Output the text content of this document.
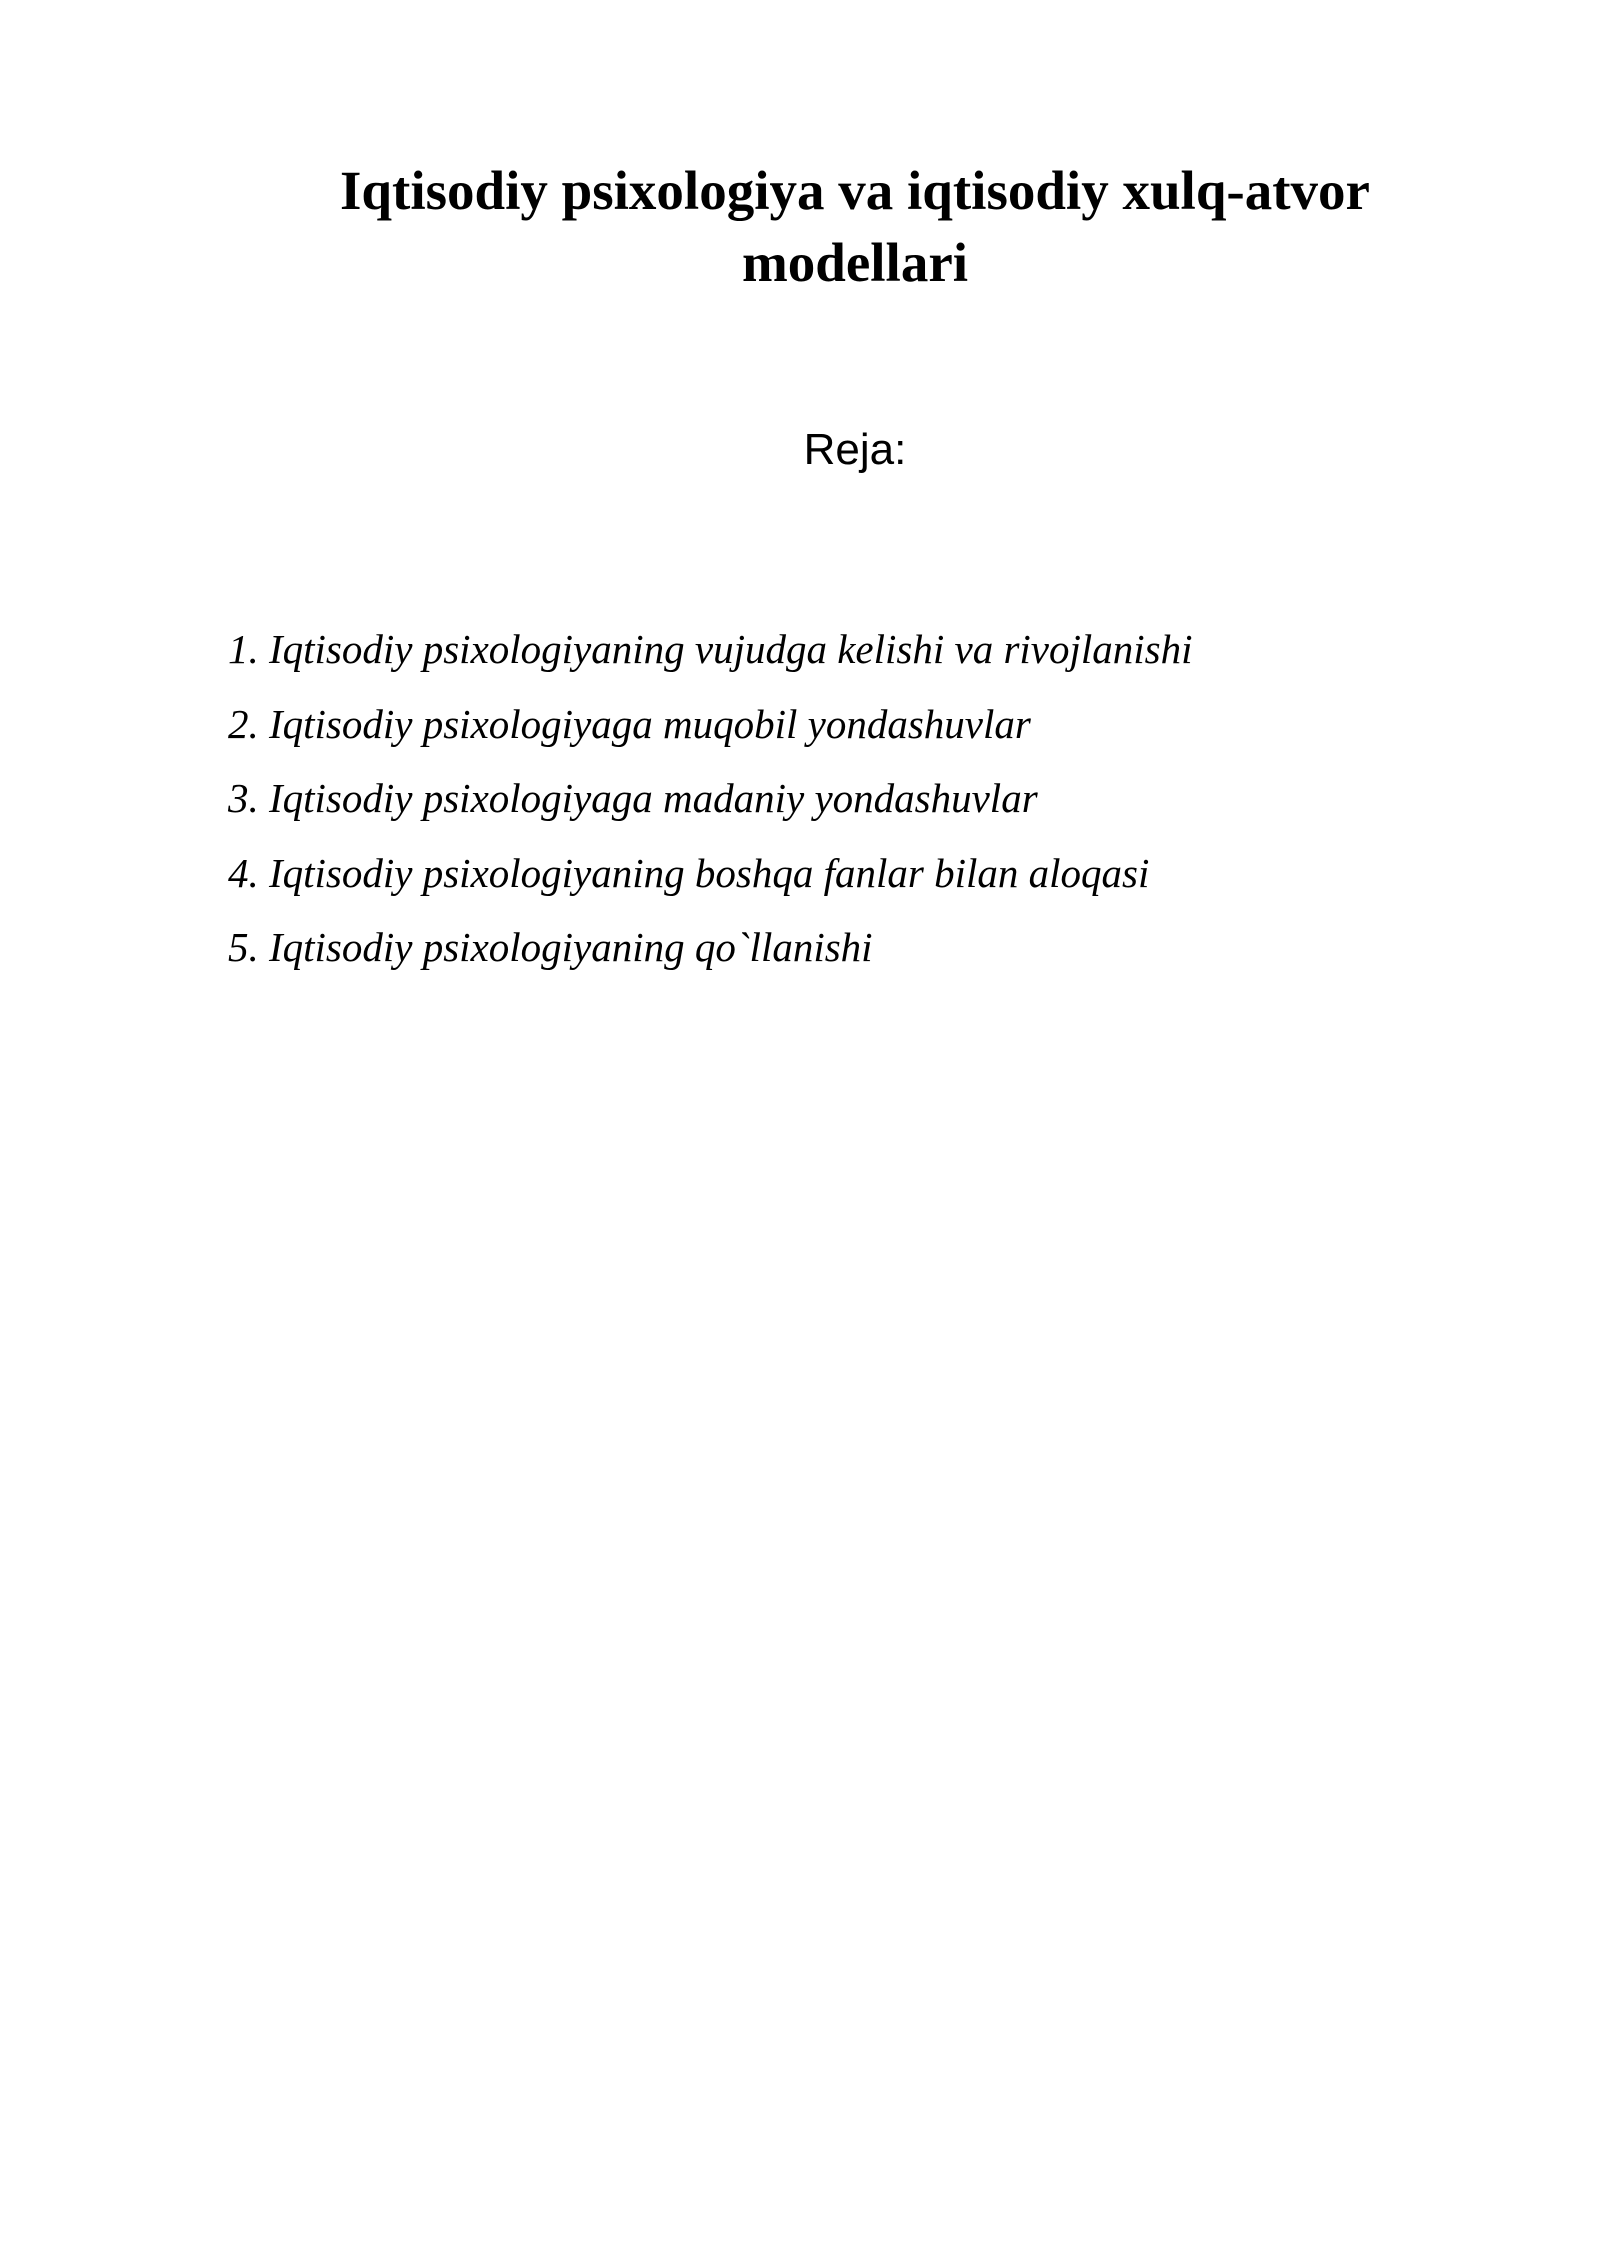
Iqtisodiy psixologiya va iqtisodiy xulq-atvor
modellari
Reja:
1. Iqtisodiy psixologiyaning vujudga kelishi va rivojlanishi
2. Iqtisodiy psixologiyaga muqobil yondashuvlar
3. Iqtisodiy psixologiyaga madaniy yondashuvlar
4. Iqtisodiy psixologiyaning boshqa fanlar bilan aloqasi
5. Iqtisodiy psixologiyaning qo`llanishi
